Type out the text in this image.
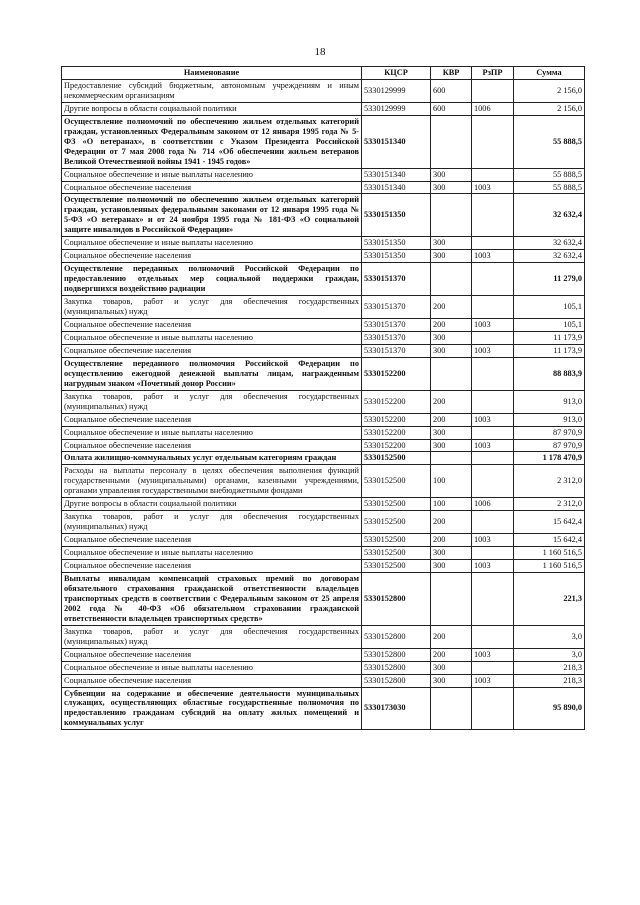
18
Наименование	КЦСР	КВР	РзПР	Сумма
Предоставление субсидий бюджетным, автономным учреждениям и иным некоммерческим организациям	5330129999	600		2 156,0
Другие вопросы в области социальной политики	5330129999	600	1006	2 156,0
Осуществление полномочий по обеспечению жильем отдельных категорий граждан, установленных Федеральным законом от 12 января 1995 года № 5-ФЗ «О ветеранах», в соответствии с Указом Президента Российской Федерации от 7 мая 2008 года № 714 «Об обеспечении жильем ветеранов Великой Отечественной войны 1941 - 1945 годов»	5330151340			55 888,5
Социальное обеспечение и иные выплаты населению	5330151340	300		55 888,5
Социальное обеспечение населения	5330151340	300	1003	55 888,5
Осуществление полномочий по обеспечению жильем отдельных категорий граждан, установленных федеральными законами от 12 января 1995 года № 5-ФЗ «О ветеранах» и от 24 ноября 1995 года № 181-ФЗ «О социальной защите инвалидов в Российской Федерации»	5330151350			32 632,4
Социальное обеспечение и иные выплаты населению	5330151350	300		32 632,4
Социальное обеспечение населения	5330151350	300	1003	32 632,4
Осуществление переданных полномочий Российской Федерации по предоставлению отдельных мер социальной поддержки граждан, подвергшихся воздействию радиации	5330151370			11 279,0
Закупка товаров, работ и услуг для обеспечения государственных (муниципальных) нужд	5330151370	200		105,1
Социальное обеспечение населения	5330151370	200	1003	105,1
Социальное обеспечение и иные выплаты населению	5330151370	300		11 173,9
Социальное обеспечение населения	5330151370	300	1003	11 173,9
Осуществление переданного полномочия Российской Федерации по осуществлению ежегодной денежной выплаты лицам, награжденным нагрудным знаком «Почетный донор России»	5330152200			88 883,9
Закупка товаров, работ и услуг для обеспечения государственных (муниципальных) нужд	5330152200	200		913,0
Социальное обеспечение населения	5330152200	200	1003	913,0
Социальное обеспечение и иные выплаты населению	5330152200	300		87 970,9
Социальное обеспечение населения	5330152200	300	1003	87 970,9
Оплата жилищно-коммунальных услуг отдельным категориям граждан	5330152500			1 178 470,9
Расходы на выплаты персоналу в целях обеспечения выполнения функций государственными (муниципальными) органами, казенными учреждениями, органами управления государственными внебюджетными фондами	5330152500	100		2 312,0
Другие вопросы в области социальной политики	5330152500	100	1006	2 312,0
Закупка товаров, работ и услуг для обеспечения государственных (муниципальных) нужд	5330152500	200		15 642,4
Социальное обеспечение населения	5330152500	200	1003	15 642,4
Социальное обеспечение и иные выплаты населению	5330152500	300		1 160 516,5
Социальное обеспечение населения	5330152500	300	1003	1 160 516,5
Выплаты инвалидам компенсаций страховых премий по договорам обязательного страхования гражданской ответственности владельцев транспортных средств в соответствии с Федеральным законом от 25 апреля 2002 года № 40-ФЗ «Об обязательном страховании гражданской ответственности владельцев транспортных средств»	5330152800			221,3
Закупка товаров, работ и услуг для обеспечения государственных (муниципальных) нужд	5330152800	200		3,0
Социальное обеспечение населения	5330152800	200	1003	3,0
Социальное обеспечение и иные выплаты населению	5330152800	300		218,3
Социальное обеспечение населения	5330152800	300	1003	218,3
Субвенции на содержание и обеспечение деятельности муниципальных служащих, осуществляющих областные государственные полномочия по предоставлению гражданам субсидий на оплату жилых помещений и коммунальных услуг	5330173030			95 890,0
